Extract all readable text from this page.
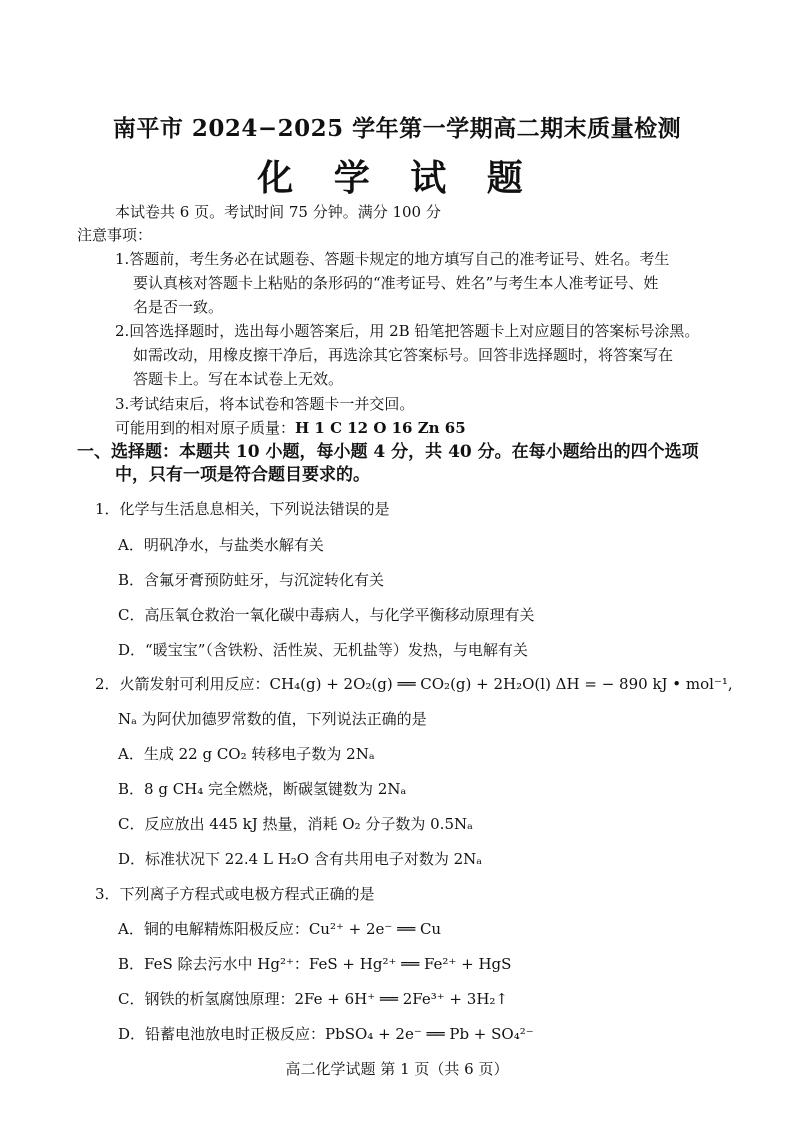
南平市 2024−2025 学年第一学期高二期末质量检测
化 学 试 题
本试卷共 6 页。考试时间 75 分钟。满分 100 分
注意事项：
1.答题前，考生务必在试题卷、答题卡规定的地方填写自己的准考证号、姓名。考生
要认真核对答题卡上粘贴的条形码的“准考证号、姓名”与考生本人准考证号、姓
名是否一致。
2.回答选择题时，选出每小题答案后，用 2B 铅笔把答题卡上对应题目的答案标号涂黑。
如需改动，用橡皮擦干净后，再选涂其它答案标号。回答非选择题时，将答案写在
答题卡上。写在本试卷上无效。
3.考试结束后，将本试卷和答题卡一并交回。
可能用到的相对原子质量：H 1 C 12 O 16 Zn 65
一、选择题：本题共 10 小题，每小题 4 分，共 40 分。在每小题给出的四个选项
中，只有一项是符合题目要求的。
1．化学与生活息息相关，下列说法错误的是
A．明矾净水，与盐类水解有关
B．含氟牙膏预防蛀牙，与沉淀转化有关
C．高压氧仓救治一氧化碳中毒病人，与化学平衡移动原理有关
D．“暖宝宝”（含铁粉、活性炭、无机盐等）发热，与电解有关
2．火箭发射可利用反应：CH₄(g) + 2O₂(g) ══ CO₂(g) + 2H₂O(l) ΔH = − 890 kJ • mol⁻¹,
Nₐ 为阿伏加德罗常数的值，下列说法正确的是
A．生成 22 g CO₂ 转移电子数为 2Nₐ
B．8 g CH₄ 完全燃烧，断碳氢键数为 2Nₐ
C．反应放出 445 kJ 热量，消耗 O₂ 分子数为 0.5Nₐ
D．标准状况下 22.4 L H₂O 含有共用电子对数为 2Nₐ
3．下列离子方程式或电极方程式正确的是
A．铜的电解精炼阳极反应：Cu²⁺ + 2e⁻ ══ Cu
B．FeS 除去污水中 Hg²⁺：FeS + Hg²⁺ ══ Fe²⁺ + HgS
C．钢铁的析氢腐蚀原理：2Fe + 6H⁺ ══ 2Fe³⁺ + 3H₂↑
D．铅蓄电池放电时正极反应：PbSO₄ + 2e⁻ ══ Pb + SO₄²⁻
高二化学试题 第 1 页（共 6 页）
